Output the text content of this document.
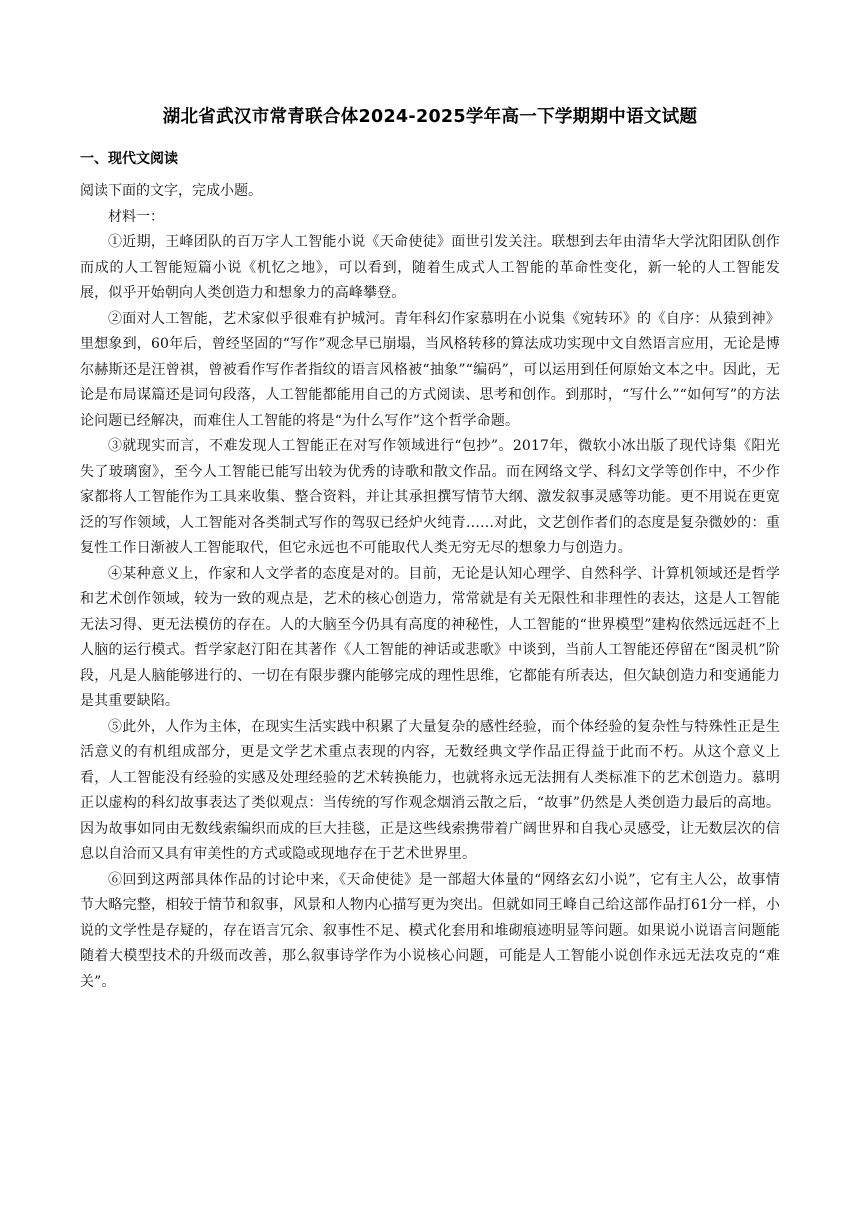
湖北省武汉市常青联合体2024-2025学年高一下学期期中语文试题
一、现代文阅读

阅读下面的文字，完成小题。

材料一：

①近期，王峰团队的百万字人工智能小说《天命使徒》面世引发关注。联想到去年由清华大学沈阳团队创作而成的人工智能短篇小说《机忆之地》，可以看到，随着生成式人工智能的革命性变化，新一轮的人工智能发展，似乎开始朝向人类创造力和想象力的高峰攀登。

②面对人工智能，艺术家似乎很难有护城河。青年科幻作家慕明在小说集《宛转环》的《自序：从猿到神》里想象到，60年后，曾经坚固的“写作”观念早已崩塌，当风格转移的算法成功实现中文自然语言应用，无论是博尔赫斯还是汪曾祺，曾被看作写作者指纹的语言风格被“抽象”“编码”，可以运用到任何原始文本之中。因此，无论是布局谋篇还是词句段落，人工智能都能用自己的方式阅读、思考和创作。到那时，“写什么”“如何写”的方法论问题已经解决，而难住人工智能的将是“为什么写作”这个哲学命题。

③就现实而言，不难发现人工智能正在对写作领域进行“包抄”。2017年，微软小冰出版了现代诗集《阳光失了玻璃窗》，至今人工智能已能写出较为优秀的诗歌和散文作品。而在网络文学、科幻文学等创作中，不少作家都将人工智能作为工具来收集、整合资料，并让其承担撰写情节大纲、激发叙事灵感等功能。更不用说在更宽泛的写作领域，人工智能对各类制式写作的驾驭已经炉火纯青……对此，文艺创作者们的态度是复杂微妙的：重复性工作日渐被人工智能取代，但它永远也不可能取代人类无穷无尽的想象力与创造力。

④某种意义上，作家和人文学者的态度是对的。目前，无论是认知心理学、自然科学、计算机领域还是哲学和艺术创作领域，较为一致的观点是，艺术的核心创造力，常常就是有关无限性和非理性的表达，这是人工智能无法习得、更无法模仿的存在。人的大脑至今仍具有高度的神秘性，人工智能的“世界模型”建构依然远远赶不上人脑的运行模式。哲学家赵汀阳在其著作《人工智能的神话或悲歌》中谈到，当前人工智能还停留在“图灵机”阶段，凡是人脑能够进行的、一切在有限步骤内能够完成的理性思维，它都能有所表达，但欠缺创造力和变通能力是其重要缺陷。

⑤此外，人作为主体，在现实生活实践中积累了大量复杂的感性经验，而个体经验的复杂性与特殊性正是生活意义的有机组成部分，更是文学艺术重点表现的内容，无数经典文学作品正得益于此而不朽。从这个意义上看，人工智能没有经验的实感及处理经验的艺术转换能力，也就将永远无法拥有人类标准下的艺术创造力。慕明正以虚构的科幻故事表达了类似观点：当传统的写作观念烟消云散之后，“故事”仍然是人类创造力最后的高地。因为故事如同由无数线索编织而成的巨大挂毯，正是这些线索携带着广阔世界和自我心灵感受，让无数层次的信息以自洽而又具有审美性的方式或隐或现地存在于艺术世界里。

⑥回到这两部具体作品的讨论中来，《天命使徒》是一部超大体量的“网络玄幻小说”，它有主人公，故事情节大略完整，相较于情节和叙事，风景和人物内心描写更为突出。但就如同王峰自己给这部作品打61分一样，小说的文学性是存疑的，存在语言冗余、叙事性不足、模式化套用和堆砌痕迹明显等问题。如果说小说语言问题能随着大模型技术的升级而改善，那么叙事诗学作为小说核心问题，可能是人工智能小说创作永远无法攻克的“难关”。
